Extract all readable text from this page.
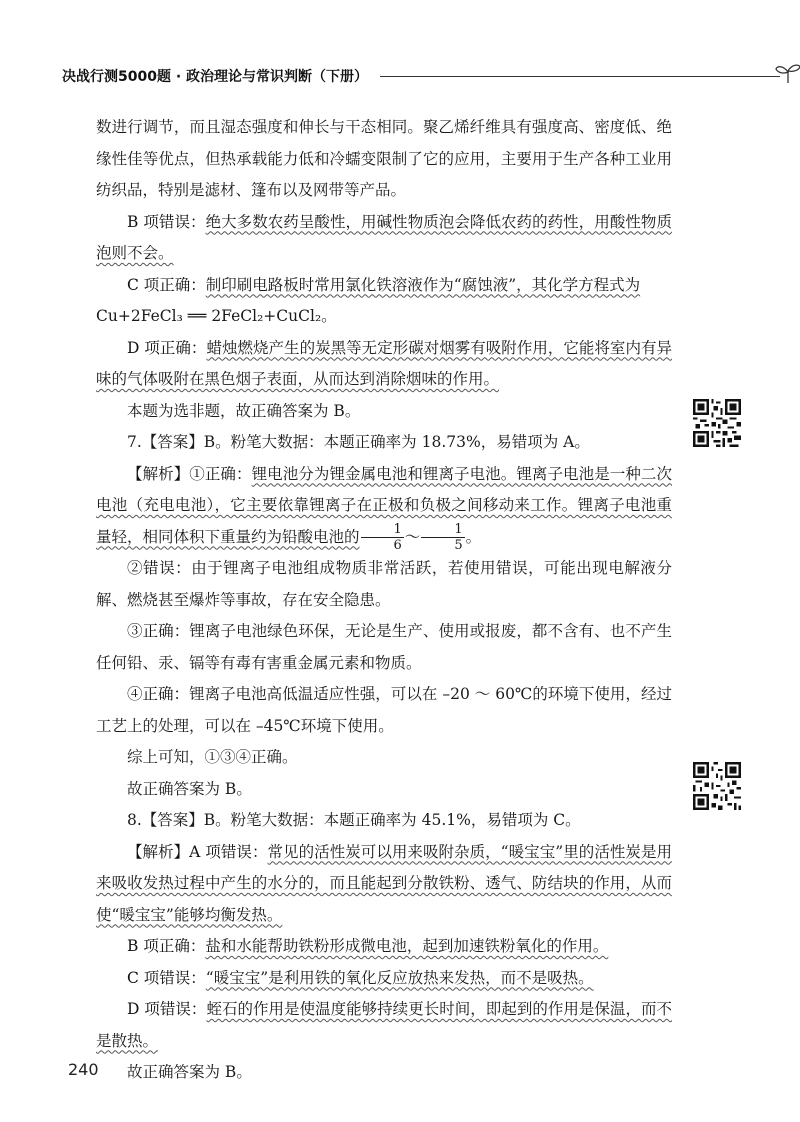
决战行测5000题 · 政治理论与常识判断（下册）

数进行调节，而且湿态强度和伸长与干态相同。聚乙烯纤维具有强度高、密度低、绝缘性佳等优点，但热承载能力低和冷蠕变限制了它的应用，主要用于生产各种工业用纺织品，特别是滤材、篷布以及网带等产品。

B 项错误：绝大多数农药呈酸性，用碱性物质泡会降低农药的药性，用酸性物质泡则不会。

C 项正确：制印刷电路板时常用氯化铁溶液作为“腐蚀液”，其化学方程式为

Cu+2FeCl₃ ══ 2FeCl₂+CuCl₂。

D 项正确：蜡烛燃烧产生的炭黑等无定形碳对烟雾有吸附作用，它能将室内有异味的气体吸附在黑色烟子表面，从而达到消除烟味的作用。

本题为选非题，故正确答案为 B。

7.【答案】B。粉笔大数据：本题正确率为 18.73%，易错项为 A。

【解析】①正确：锂电池分为锂金属电池和锂离子电池。锂离子电池是一种二次电池（充电电池），它主要依靠锂离子在正极和负极之间移动来工作。锂离子电池重量轻，相同体积下重量约为铅酸电池的 $\frac{1}{6}$ ～ $\frac{1}{5}$ 。

②错误：由于锂离子电池组成物质非常活跃，若使用错误，可能出现电解液分解、燃烧甚至爆炸等事故，存在安全隐患。

③正确：锂离子电池绿色环保，无论是生产、使用或报废，都不含有、也不产生任何铅、汞、镉等有毒有害重金属元素和物质。

④正确：锂离子电池高低温适应性强，可以在 –20 ～ 60℃的环境下使用，经过工艺上的处理，可以在 –45℃环境下使用。

综上可知，①③④正确。

故正确答案为 B。

8.【答案】B。粉笔大数据：本题正确率为 45.1%，易错项为 C。

【解析】A 项错误：常见的活性炭可以用来吸附杂质，“暖宝宝”里的活性炭是用来吸收发热过程中产生的水分的，而且能起到分散铁粉、透气、防结块的作用，从而使“暖宝宝”能够均衡发热。

B 项正确：盐和水能帮助铁粉形成微电池，起到加速铁粉氧化的作用。

C 项错误：“暖宝宝”是利用铁的氧化反应放热来发热，而不是吸热。

D 项错误：蛭石的作用是使温度能够持续更长时间，即起到的作用是保温，而不是散热。

故正确答案为 B。

240
